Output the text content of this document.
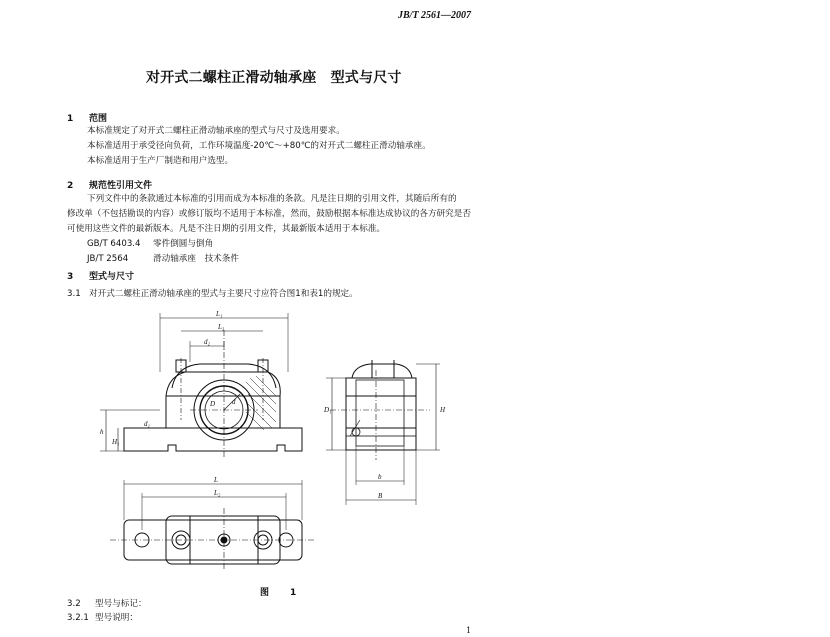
JB/T 2561—2007
对开式二螺柱正滑动轴承座　型式与尺寸
1 范围
本标准规定了对开式二螺柱正滑动轴承座的型式与尺寸及选用要求。
本标准适用于承受径向负荷，工作环境温度-20℃～+80℃的对开式二螺柱正滑动轴承座。
本标准适用于生产厂制造和用户选型。
2 规范性引用文件
下列文件中的条款通过本标准的引用而成为本标准的条款。凡是注日期的引用文件，其随后所有的
修改单（不包括勘误的内容）或修订版均不适用于本标准，然而，鼓励根据本标准达成协议的各方研究是否
可使用这些文件的最新版本。凡是不注日期的引用文件，其最新版本适用于本标准。
GB/T 6403.4 零件倒圆与倒角
JB/T 2564	滑动轴承座　技术条件
3 型式与尺寸
3.1 对开式二螺柱正滑动轴承座的型式与主要尺寸应符合图1和表1的规定。
L₁
L₃
d₂
d₁
h
H₁
D d
L
L₂
D₁	H
b
B
图　1
3.2 型号与标记：
3.2.1 型号说明：
1
